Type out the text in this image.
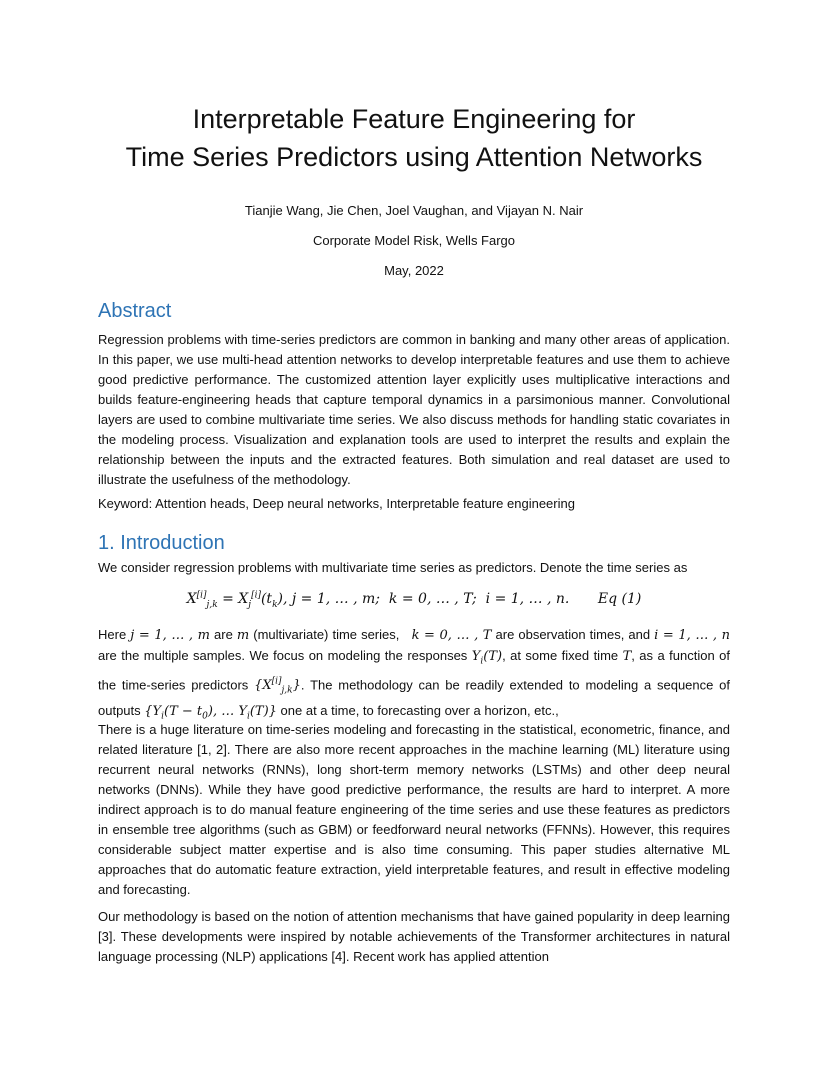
Interpretable Feature Engineering for
Time Series Predictors using Attention Networks
Tianjie Wang, Jie Chen, Joel Vaughan, and Vijayan N. Nair
Corporate Model Risk, Wells Fargo
May, 2022
Abstract

Regression problems with time-series predictors are common in banking and many other areas of application. In this paper, we use multi-head attention networks to develop interpretable features and use them to achieve good predictive performance. The customized attention layer explicitly uses multiplicative interactions and builds feature-engineering heads that capture temporal dynamics in a parsimonious manner. Convolutional layers are used to combine multivariate time series. We also discuss methods for handling static covariates in the modeling process. Visualization and explanation tools are used to interpret the results and explain the relationship between the inputs and the extracted features. Both simulation and real dataset are used to illustrate the usefulness of the methodology.

Keyword: Attention heads, Deep neural networks, Interpretable feature engineering

1. Introduction

We consider regression problems with multivariate time series as predictors. Denote the time series as

$X[i]_{j,k} = X_j[i](t_k)$, j = 1, … , m;  k = 0, … , T;  i = 1, … , n. Eq (1)

Here j = 1, … , m are m (multivariate) time series,   k = 0, … , T are observation times, and i = 1, … , n are the multiple samples. We focus on modeling the responses $Y_i(T)$, at some fixed time T, as a function of the time-series predictors $\{X[i]_{j,k}\}$. The methodology can be readily extended to modeling a sequence of outputs {$Y_i(T - t_0)$, … $Y_i(T)$} one at a time, to forecasting over a horizon, etc.,

There is a huge literature on time-series modeling and forecasting in the statistical, econometric, finance, and related literature [1, 2]. There are also more recent approaches in the machine learning (ML) literature using recurrent neural networks (RNNs), long short-term memory networks (LSTMs) and other deep neural networks (DNNs). While they have good predictive performance, the results are hard to interpret. A more indirect approach is to do manual feature engineering of the time series and use these features as predictors in ensemble tree algorithms (such as GBM) or feedforward neural networks (FFNNs). However, this requires considerable subject matter expertise and is also time consuming. This paper studies alternative ML approaches that do automatic feature extraction, yield interpretable features, and result in effective modeling and forecasting.

Our methodology is based on the notion of attention mechanisms that have gained popularity in deep learning [3]. These developments were inspired by notable achievements of the Transformer architectures in natural language processing (NLP) applications [4]. Recent work has applied attention
